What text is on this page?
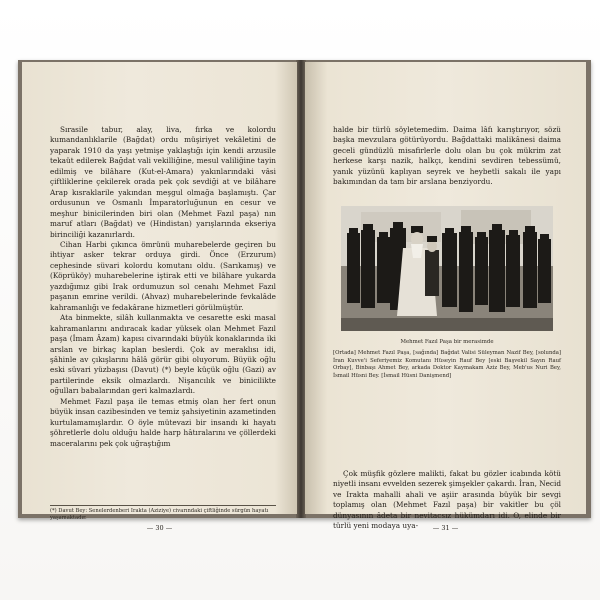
Sırasile tabur, alay, liva, fırka ve kolordu kumandanlıklarile (Bağdat) ordu müşiriyet vekâletini de yaparak 1910 da yaşı yetmişe yaklaştığı için kendi arzusile tekaüt edilerek Bağdat vali vekilliğine, mesul valiliğine tayin edilmiş ve bilâhare (Kut-el-Amara) yakınlarındaki vâsi çiftliklerine çekilerek orada pek çok sevdiği at ve bilâhare Arap kısraklarile yakından meşgul olmağa başlamıştı. Çar ordusunun ve Osmanlı İmparatorluğunun en cesur ve meşhur binicilerinden biri olan (Mehmet Fazıl paşa) nın maruf atları (Bağdat) ve (Hindistan) yarışlarında ekseriya birinciliği kazanırlardı.

Cihan Harbi çıkınca ömrünü muharebelerde geçiren bu ihtiyar asker tekrar orduya girdi. Önce (Erzurum) cephesinde süvari kolordu komutanı oldu. (Sarıkamış) ve (Köprüköy) muharebelerine iştirak etti ve bilâhare yukarda yazdığımız gibi Irak ordumuzun sol cenahı Mehmet Fazıl paşanın emrine verildi. (Ahvaz) muharebelerinde fevkalâde kahramanlığı ve fedakârane hizmetleri görülmüştür.

Ata binmekte, silâh kullanmakta ve cesarette eski masal kahramanlarını andıracak kadar yüksek olan Mehmet Fazıl paşa (İmam Âzam) kapısı civarındaki büyük konaklarında iki arslan ve birkaç kaplan beslerdi. Çok av meraklısı idi, şâhinle av çıkışlarını hâlâ görür gibi oluyorum. Büyük oğlu eski süvari yüzbaşısı (Davut) (*) beyle küçük oğlu (Gazi) av partilerinde eksik olmazlardı. Nişancılık ve binicilikte oğulları babalarından geri kalmazlardı.

Mehmet Fazıl paşa ile temas etmiş olan her fert onun büyük insan cazibesinden ve temiz şahsiyetinin azametinden kurtulamamışlardır. O öyle mütevazi bir insandı ki hayatı şöhretlerle dolu olduğu halde harp hâtıralarını ve çöllerdeki maceralarını pek çok uğraştığım

(*) Davut Bey: Senelerdenberi Irakta (Aziziye) civarındaki çiftliğinde sürgün hayatı yaşamaktadır.
— 30 —

halde bir türlü söyletemedim. Daima lâfı karıştırıyor, sözü başka mevzulara götürüyordu. Bağdattaki malikânesi daima geceli gündüzlü misafirlerle dolu olan bu çok mükrim zat herkese karşı nazik, halkçı, kendini sevdiren tebessümü, yanık yüzünü kaplıyan seyrek ve heybetli sakalı ile yapı bakımından da tam bir arslana benziyordu.

Mehmet Fazıl Paşa bir merasimde
[Ortada] Mehmet Fazıl Paşa, [sağında] Bağdat Valisi Süleyman Nazif Bey, [solunda] İran Kuvve'i Seferiyemiz Komutanı Hüseyin Rauf Bey [eski Başvekil Sayın Rauf Orbay], Binbaşı Ahmet Bey, arkada Doktor Kaymakam Aziz Bey, Meb'us Nuri Bey, İsmail Hüsni Bey. [İsmail Hüsni Danişmend]

Çok müşfik gözlere malikti, fakat bu gözler icabında kötü niyetli insanı evvelden sezerek şimşekler çakardı. İran, Necid ve Irakta mahalli ahali ve aşiir arasında büyük bir sevgi toplamış olan (Mehmet Fazıl paşa) bir vakitler bu çöl dünyasının âdeta bir nevitacsız hükümdarı idi. O, elinde bir türlü yeni modaya uya-	— 31 —
